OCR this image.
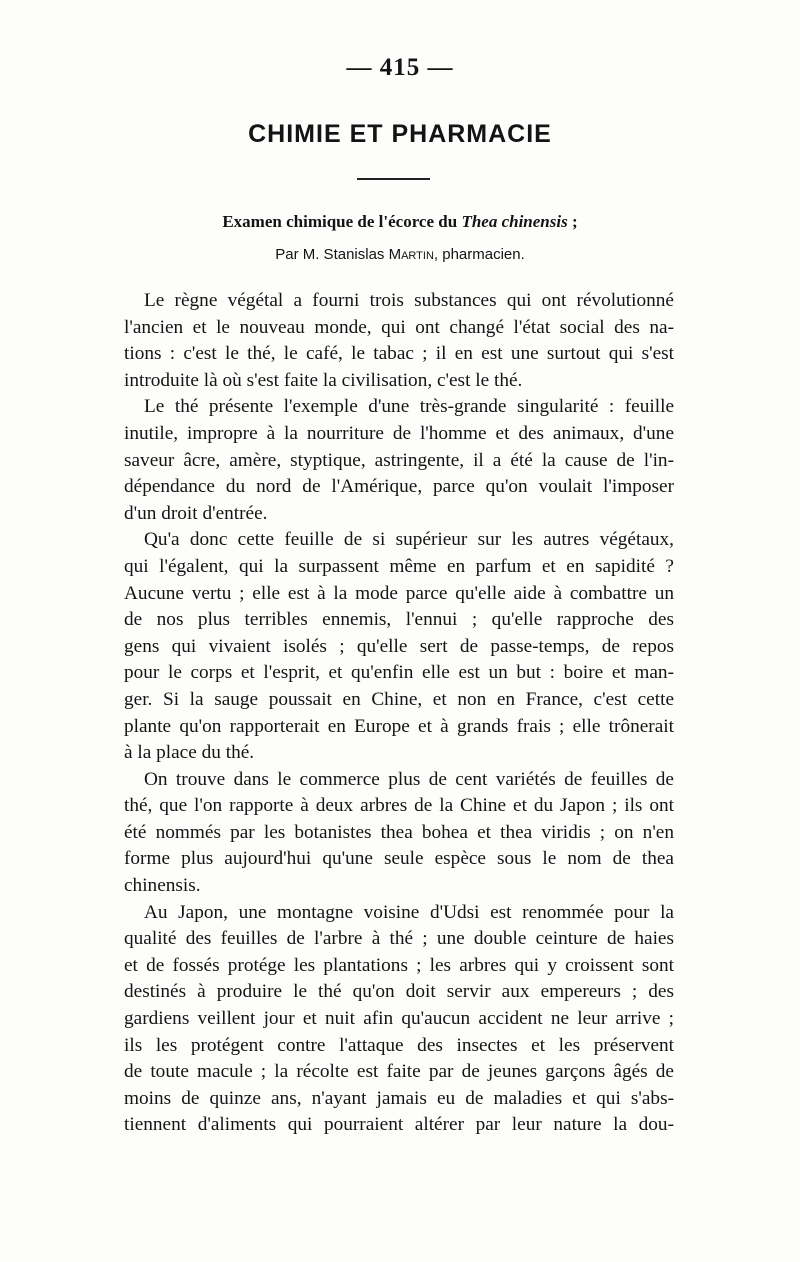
— 415 —
CHIMIE ET PHARMACIE
Examen chimique de l'écorce du Thea chinensis ;
Par M. Stanislas Martin, pharmacien.

Le règne végétal a fourni trois substances qui ont révolutionné
l'ancien et le nouveau monde, qui ont changé l'état social des na-
tions : c'est le thé, le café, le tabac ; il en est une surtout qui s'est
introduite là où s'est faite la civilisation, c'est le thé.

Le thé présente l'exemple d'une très-grande singularité : feuille
inutile, impropre à la nourriture de l'homme et des animaux, d'une
saveur âcre, amère, styptique, astringente, il a été la cause de l'in-
dépendance du nord de l'Amérique, parce qu'on voulait l'imposer
d'un droit d'entrée.

Qu'a donc cette feuille de si supérieur sur les autres végétaux,
qui l'égalent, qui la surpassent même en parfum et en sapidité ?
Aucune vertu ; elle est à la mode parce qu'elle aide à combattre un
de nos plus terribles ennemis, l'ennui ; qu'elle rapproche des
gens qui vivaient isolés ; qu'elle sert de passe-temps, de repos
pour le corps et l'esprit, et qu'enfin elle est un but : boire et man-
ger. Si la sauge poussait en Chine, et non en France, c'est cette
plante qu'on rapporterait en Europe et à grands frais ; elle trônerait
à la place du thé.

On trouve dans le commerce plus de cent variétés de feuilles de
thé, que l'on rapporte à deux arbres de la Chine et du Japon ; ils ont
été nommés par les botanistes thea bohea et thea viridis ; on n'en
forme plus aujourd'hui qu'une seule espèce sous le nom de thea
chinensis.

Au Japon, une montagne voisine d'Udsi est renommée pour la
qualité des feuilles de l'arbre à thé ; une double ceinture de haies
et de fossés protége les plantations ; les arbres qui y croissent sont
destinés à produire le thé qu'on doit servir aux empereurs ; des
gardiens veillent jour et nuit afin qu'aucun accident ne leur arrive ;
ils les protégent contre l'attaque des insectes et les préservent
de toute macule ; la récolte est faite par de jeunes garçons âgés de
moins de quinze ans, n'ayant jamais eu de maladies et qui s'abs-
tiennent d'aliments qui pourraient altérer par leur nature la dou-
